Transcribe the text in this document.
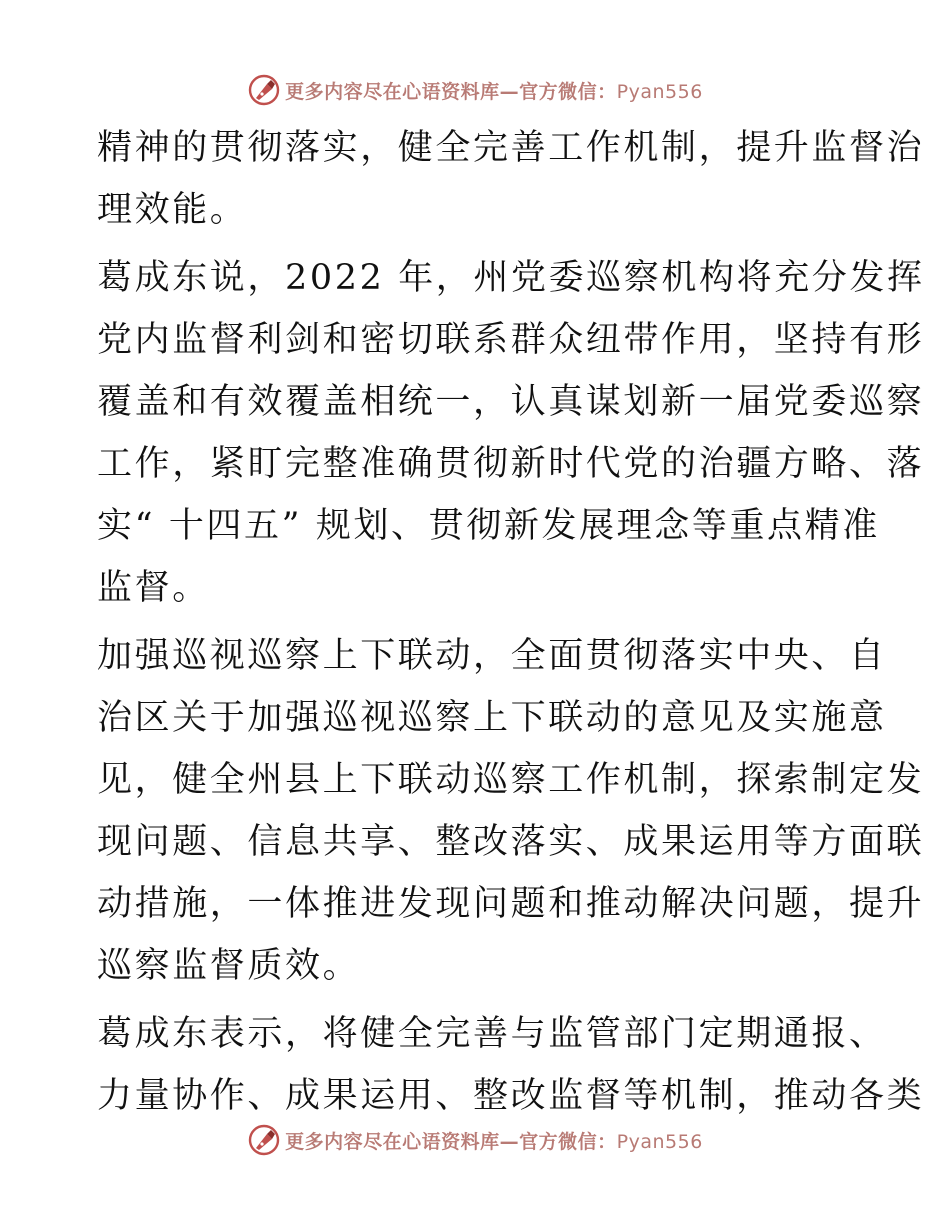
更多内容尽在心语资料库—官方微信：Pyan556
精神的贯彻落实，健全完善工作机制，提升监督治
理效能。
葛成东说，2022 年，州党委巡察机构将充分发挥
党内监督利剑和密切联系群众纽带作用，坚持有形
覆盖和有效覆盖相统一，认真谋划新一届党委巡察
工作，紧盯完整准确贯彻新时代党的治疆方略、落
实“ 十四五” 规划、贯彻新发展理念等重点精准
监督。
加强巡视巡察上下联动，全面贯彻落实中央、自
治区关于加强巡视巡察上下联动的意见及实施意
见，健全州县上下联动巡察工作机制，探索制定发
现问题、信息共享、整改落实、成果运用等方面联
动措施，一体推进发现问题和推动解决问题，提升
巡察监督质效。
葛成东表示，将健全完善与监管部门定期通报、
力量协作、成果运用、整改监督等机制，推动各类
更多内容尽在心语资料库—官方微信：Pyan556
